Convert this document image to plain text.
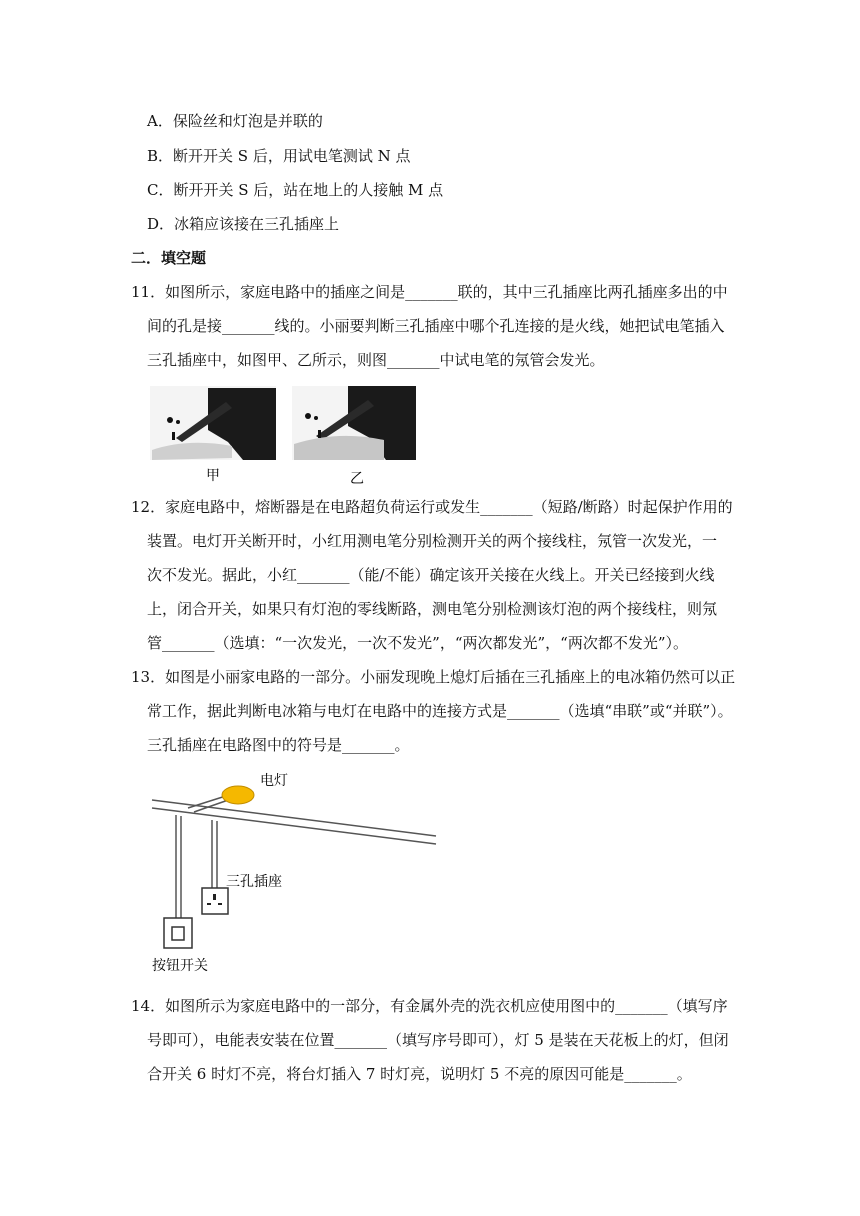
A．保险丝和灯泡是并联的
B．断开开关 S 后，用试电笔测试 N 点
C．断开开关 S 后，站在地上的人接触 M 点
D．冰箱应该接在三孔插座上
二．填空题
11．如图所示，家庭电路中的插座之间是_______联的，其中三孔插座比两孔插座多出的中
间的孔是接_______线的。小丽要判断三孔插座中哪个孔连接的是火线，她把试电笔插入
三孔插座中，如图甲、乙所示，则图_______中试电笔的氖管会发光。
甲	乙
12．家庭电路中，熔断器是在电路超负荷运行或发生_______（短路/断路）时起保护作用的
装置。电灯开关断开时，小红用测电笔分别检测开关的两个接线柱，氖管一次发光，一
次不发光。据此，小红_______（能/不能）确定该开关接在火线上。开关已经接到火线
上，闭合开关，如果只有灯泡的零线断路，测电笔分别检测该灯泡的两个接线柱，则氖
管_______（选填：“一次发光，一次不发光”，“两次都发光”，“两次都不发光”）。
13．如图是小丽家电路的一部分。小丽发现晚上熄灯后插在三孔插座上的电冰箱仍然可以正
常工作，据此判断电冰箱与电灯在电路中的连接方式是_______（选填“串联”或“并联”）。
三孔插座在电路图中的符号是_______。
电灯
三孔插座
按钮开关
14．如图所示为家庭电路中的一部分，有金属外壳的洗衣机应使用图中的_______（填写序
号即可），电能表安装在位置_______（填写序号即可），灯 5 是装在天花板上的灯，但闭
合开关 6 时灯不亮，将台灯插入 7 时灯亮，说明灯 5 不亮的原因可能是_______。
